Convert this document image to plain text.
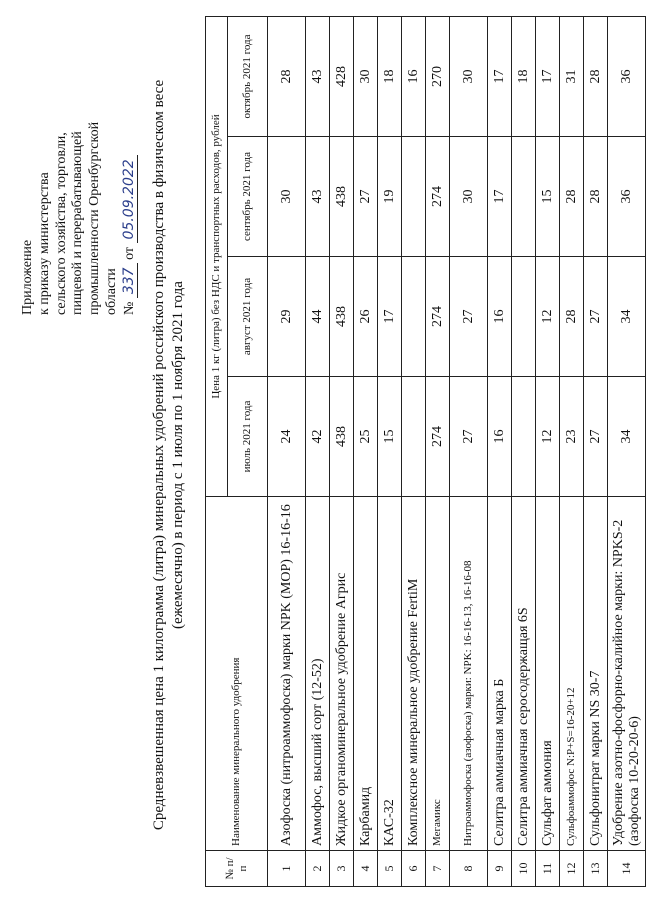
Приложение к приказу министерства сельского хозяйства, торговли, пищевой и перерабатывающей промышленности Оренбургской области № 337 от 05.09.2022 Средневзвешенная цена 1 килограмма (литра) минеральных удобрений российского производства в физическом весе (ежемесячно) в период с 1 июля по 1 ноября 2021 года
№ п/п	Наименование минерального удобрения	Цена 1 кг (литра) без НДС и транспортных расходов, рублей			
		июль 2021 года	август 2021 года	сентябрь 2021 года	октябрь 2021 года
1	Азофоска (нитроаммофоска) марки NPK (MOP) 16-16-16	24	29	30	28
2	Аммофос, высший сорт (12-52)	42	44	43	43
3	Жидкое органоминеральное удобрение Агрис	438	438	438	428
4	Карбамид	25	26	27	30
5	КАС-32	15	17	19	18
6	Комплексное минеральное удобрение FertiM				16
7	Мегамикс	274	274	274	270
8	Нитроаммофоска (азофоска) марки: NPK: 16-16-13, 16-16-08	27	27	30	30
9	Селитра аммиачная марка Б	16	16	17	17
10	Селитра аммиачная серосодержащая 6S				18
11	Сульфат аммония	12	12	15	17
12	Сульфоаммофос N:P+S=16-20+12	23	28	28	31
13	Сульфонитрат марки NS 30-7	27	27	28	28
14	Удобрение азотно-фосфорно-калийное марки: NPKS-2 (азофоска 10-20-20-6)	34	34	36	36
